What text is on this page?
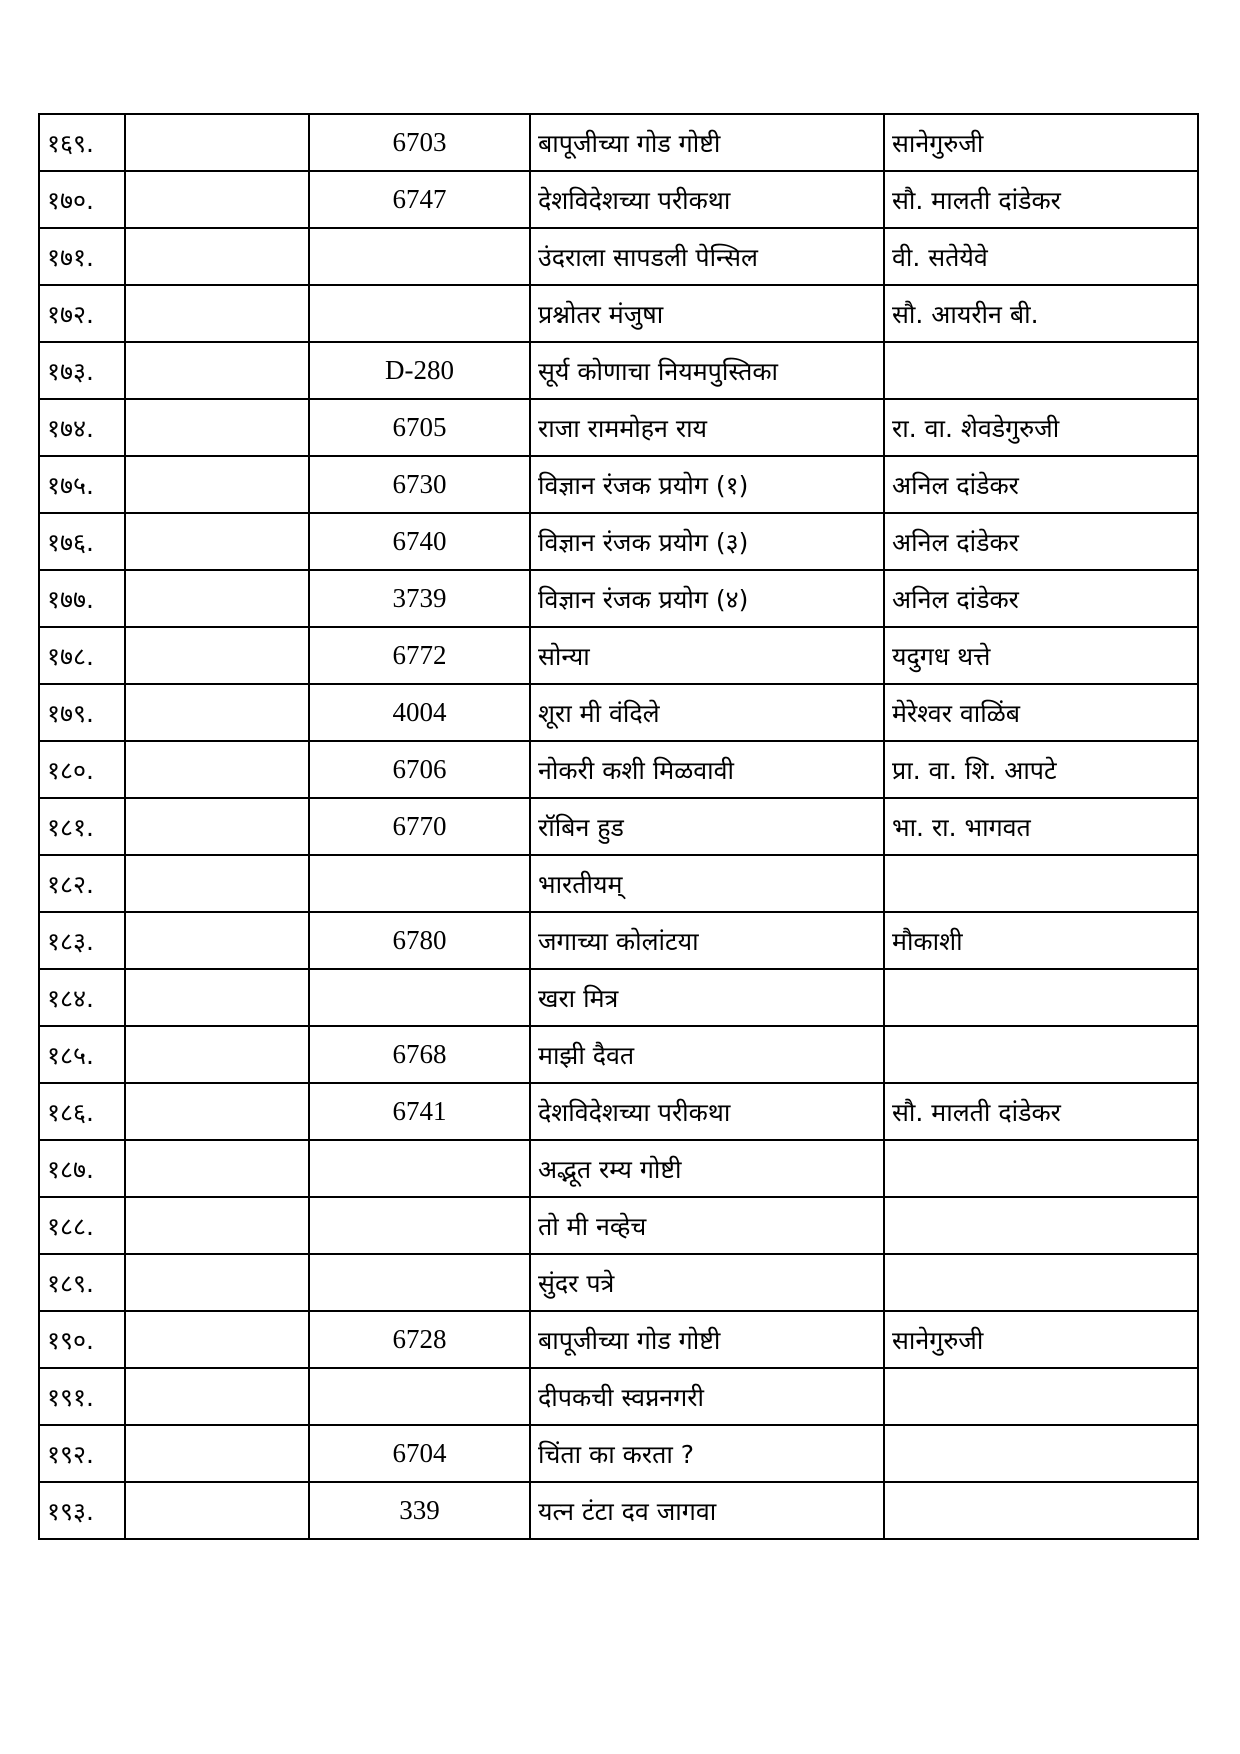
१६९.		6703	बापूजीच्या गोड गोष्टी	सानेगुरुजी
१७०.		6747	देशविदेशच्या परीकथा	सौ. मालती दांडेकर
१७१.			उंदराला सापडली पेन्सिल	वी. सतेयेवे
१७२.			प्रश्नोतर मंजुषा	सौ. आयरीन बी.
१७३.		D-280	सूर्य कोणाचा नियमपुस्तिका	
१७४.		6705	राजा राममोहन राय	रा. वा. शेवडेगुरुजी
१७५.		6730	विज्ञान रंजक प्रयोग (१)	अनिल दांडेकर
१७६.		6740	विज्ञान रंजक प्रयोग (३)	अनिल दांडेकर
१७७.		3739	विज्ञान रंजक प्रयोग (४)	अनिल दांडेकर
१७८.		6772	सोन्या	यदुगध थत्ते
१७९.		4004	शूरा मी वंदिले	मेरेश्वर वाळिंब
१८०.		6706	नोकरी कशी मिळवावी	प्रा. वा. शि. आपटे
१८१.		6770	रॉबिन हुड	भा. रा. भागवत
१८२.			भारतीयम्	
१८३.		6780	जगाच्या कोलांटया	मौकाशी
१८४.			खरा मित्र	
१८५.		6768	माझी दैवत	
१८६.		6741	देशविदेशच्या परीकथा	सौ. मालती दांडेकर
१८७.			अद्भूत रम्य गोष्टी	
१८८.			तो मी नव्हेच	
१८९.			सुंदर पत्रे	
१९०.		6728	बापूजीच्या गोड गोष्टी	सानेगुरुजी
१९१.			दीपकची स्वप्ननगरी	
१९२.		6704	चिंता का करता ?	
१९३.		339	यत्न टंटा दव जागवा	
